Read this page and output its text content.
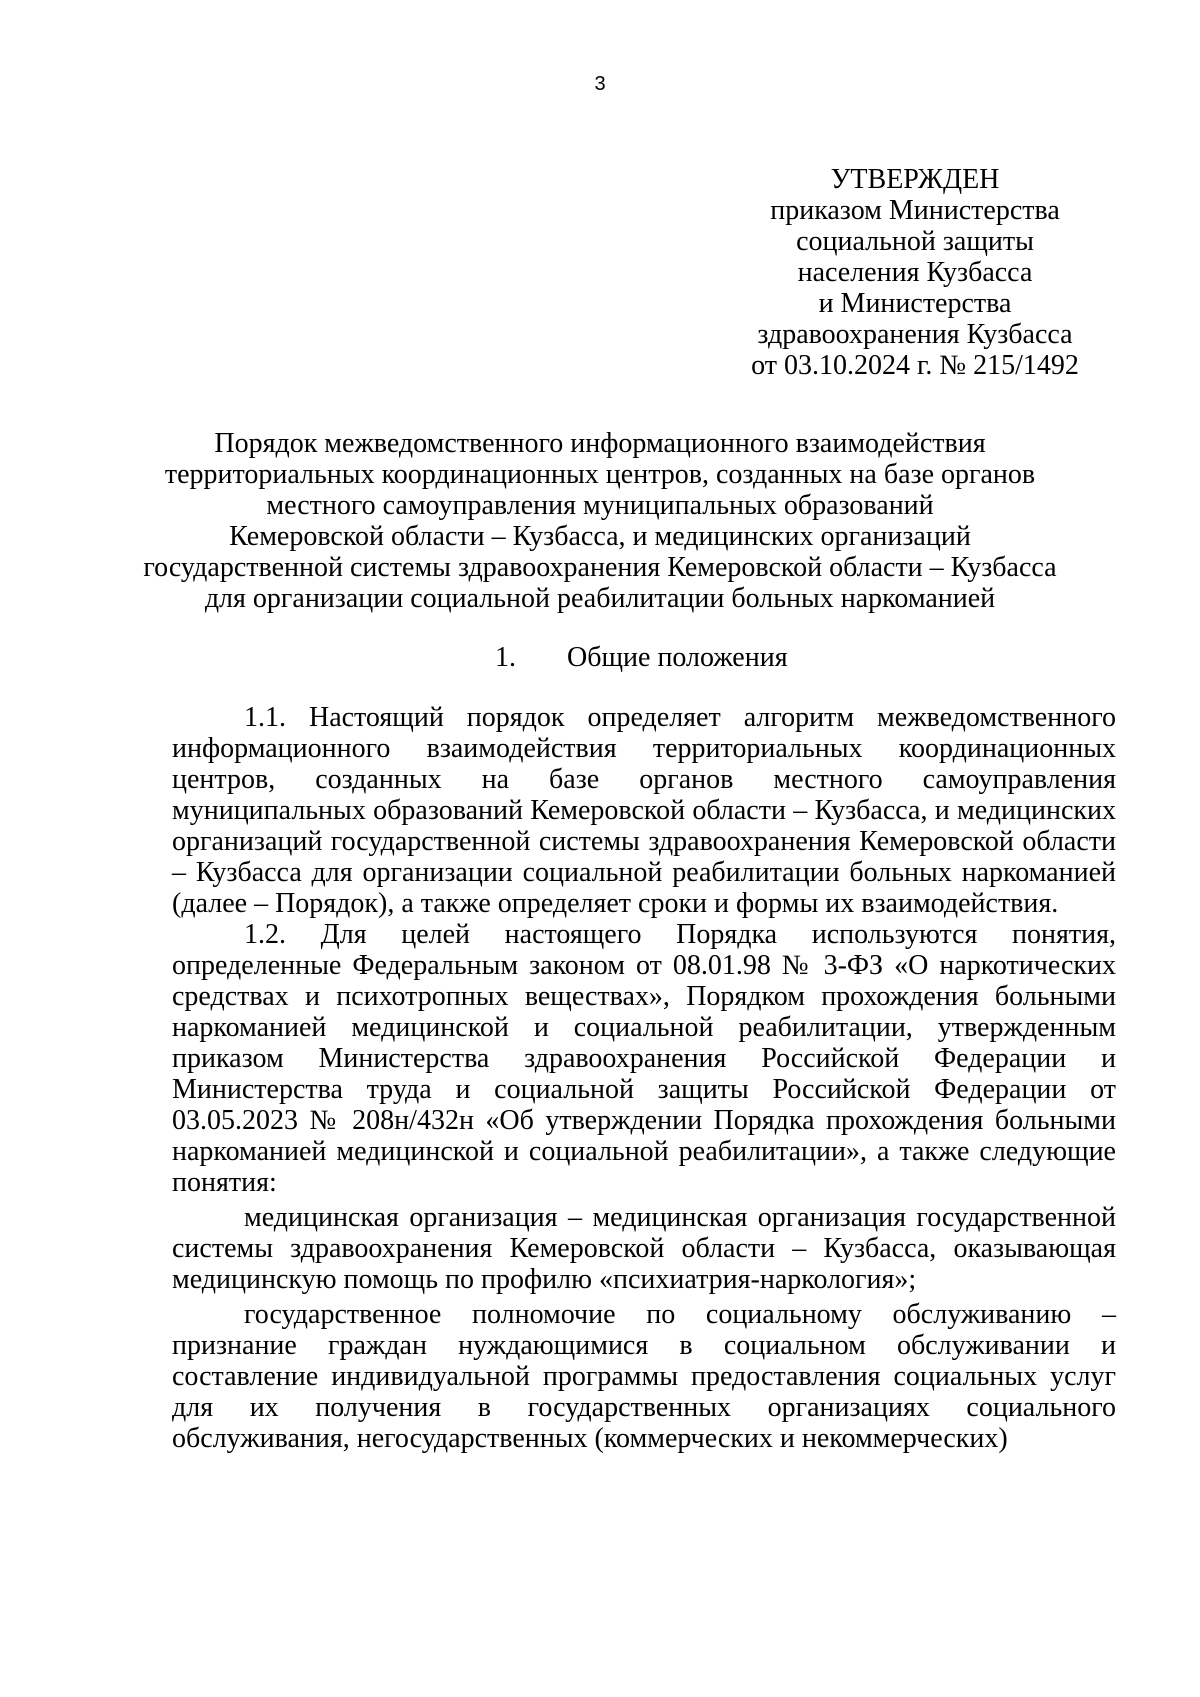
3
УТВЕРЖДЕН
приказом Министерства
социальной защиты
населения Кузбасса
и Министерства
здравоохранения Кузбасса
от 03.10.2024 г. № 215/1492
Порядок межведомственного информационного взаимодействия
территориальных координационных центров, созданных на базе органов
местного самоуправления муниципальных образований
Кемеровской области – Кузбасса, и медицинских организаций
государственной системы здравоохранения Кемеровской области – Кузбасса
для организации социальной реабилитации больных наркоманией
1. Общие положения

1.1. Настоящий порядок определяет алгоритм межведомственного информационного взаимодействия территориальных координационных центров, созданных на базе органов местного самоуправления муниципальных образований Кемеровской области – Кузбасса, и медицинских организаций государственной системы здравоохранения Кемеровской области – Кузбасса для организации социальной реабилитации больных наркоманией (далее – Порядок), а также определяет сроки и формы их взаимодействия.

1.2. Для целей настоящего Порядка используются понятия, определенные Федеральным законом от 08.01.98 № 3-ФЗ «О наркотических средствах и психотропных веществах», Порядком прохождения больными наркоманией медицинской и социальной реабилитации, утвержденным приказом Министерства здравоохранения Российской Федерации и Министерства труда и социальной защиты Российской Федерации от 03.05.2023 № 208н/432н «Об утверждении Порядка прохождения больными наркоманией медицинской и социальной реабилитации», а также следующие понятия:

медицинская организация – медицинская организация государственной системы здравоохранения Кемеровской области – Кузбасса, оказывающая медицинскую помощь по профилю «психиатрия-наркология»;

государственное полномочие по социальному обслуживанию – признание граждан нуждающимися в социальном обслуживании и составление индивидуальной программы предоставления социальных услуг для их получения в государственных организациях социального обслуживания, негосударственных (коммерческих и некоммерческих)
